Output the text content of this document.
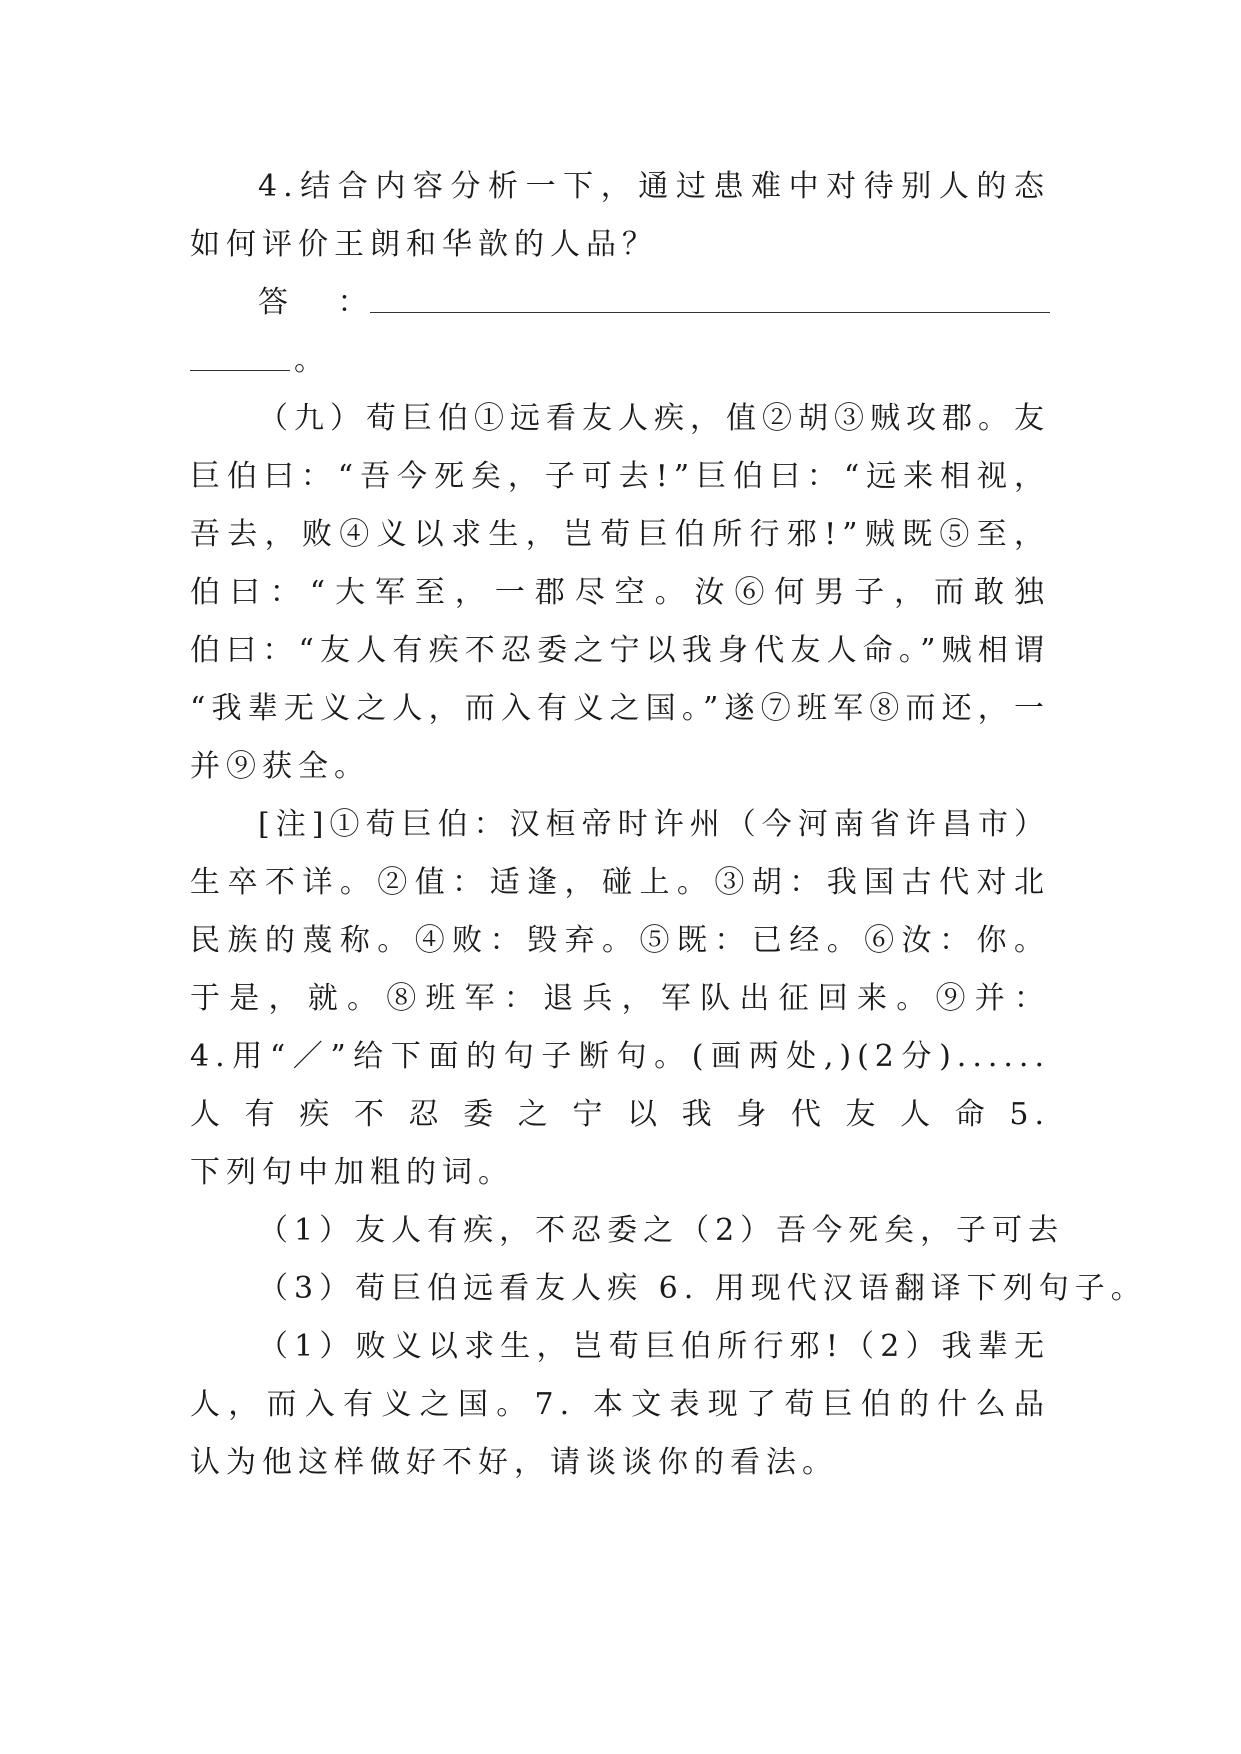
4.结合内容分析一下，通过患难中对待别人的态
如何评价王朗和华歆的人品？
答 ：
。
（九）荀巨伯①远看友人疾，值②胡③贼攻郡。友
巨伯曰：“吾今死矣，子可去!”巨伯曰：“远来相视，
吾去，败④义以求生，岂荀巨伯所行邪!”贼既⑤至，
伯曰：“大军至，一郡尽空。汝⑥何男子，而敢独
伯曰：“友人有疾不忍委之宁以我身代友人命。”贼相谓
“我辈无义之人，而入有义之国。”遂⑦班军⑧而还，一
并⑨获全。
[注]①荀巨伯：汉桓帝时许州（今河南省许昌市）
生卒不详。②值：适逢，碰上。③胡：我国古代对北
民族的蔑称。④败：毁弃。⑤既：已经。⑥汝：你。
于是，就。⑧班军：退兵，军队出征回来。⑨并：
4.用“／”给下面的句子断句。(画两处,)(2分)......
人 有 疾 不 忍 委 之 宁 以 我 身 代 友 人 命 5.
下列句中加粗的词。
（1）友人有疾，不忍委之（2）吾今死矣，子可去
（3）荀巨伯远看友人疾 6. 用现代汉语翻译下列句子。
（1）败义以求生，岂荀巨伯所行邪!（2）我辈无
人，而入有义之国。7. 本文表现了荀巨伯的什么品
认为他这样做好不好，请谈谈你的看法。
